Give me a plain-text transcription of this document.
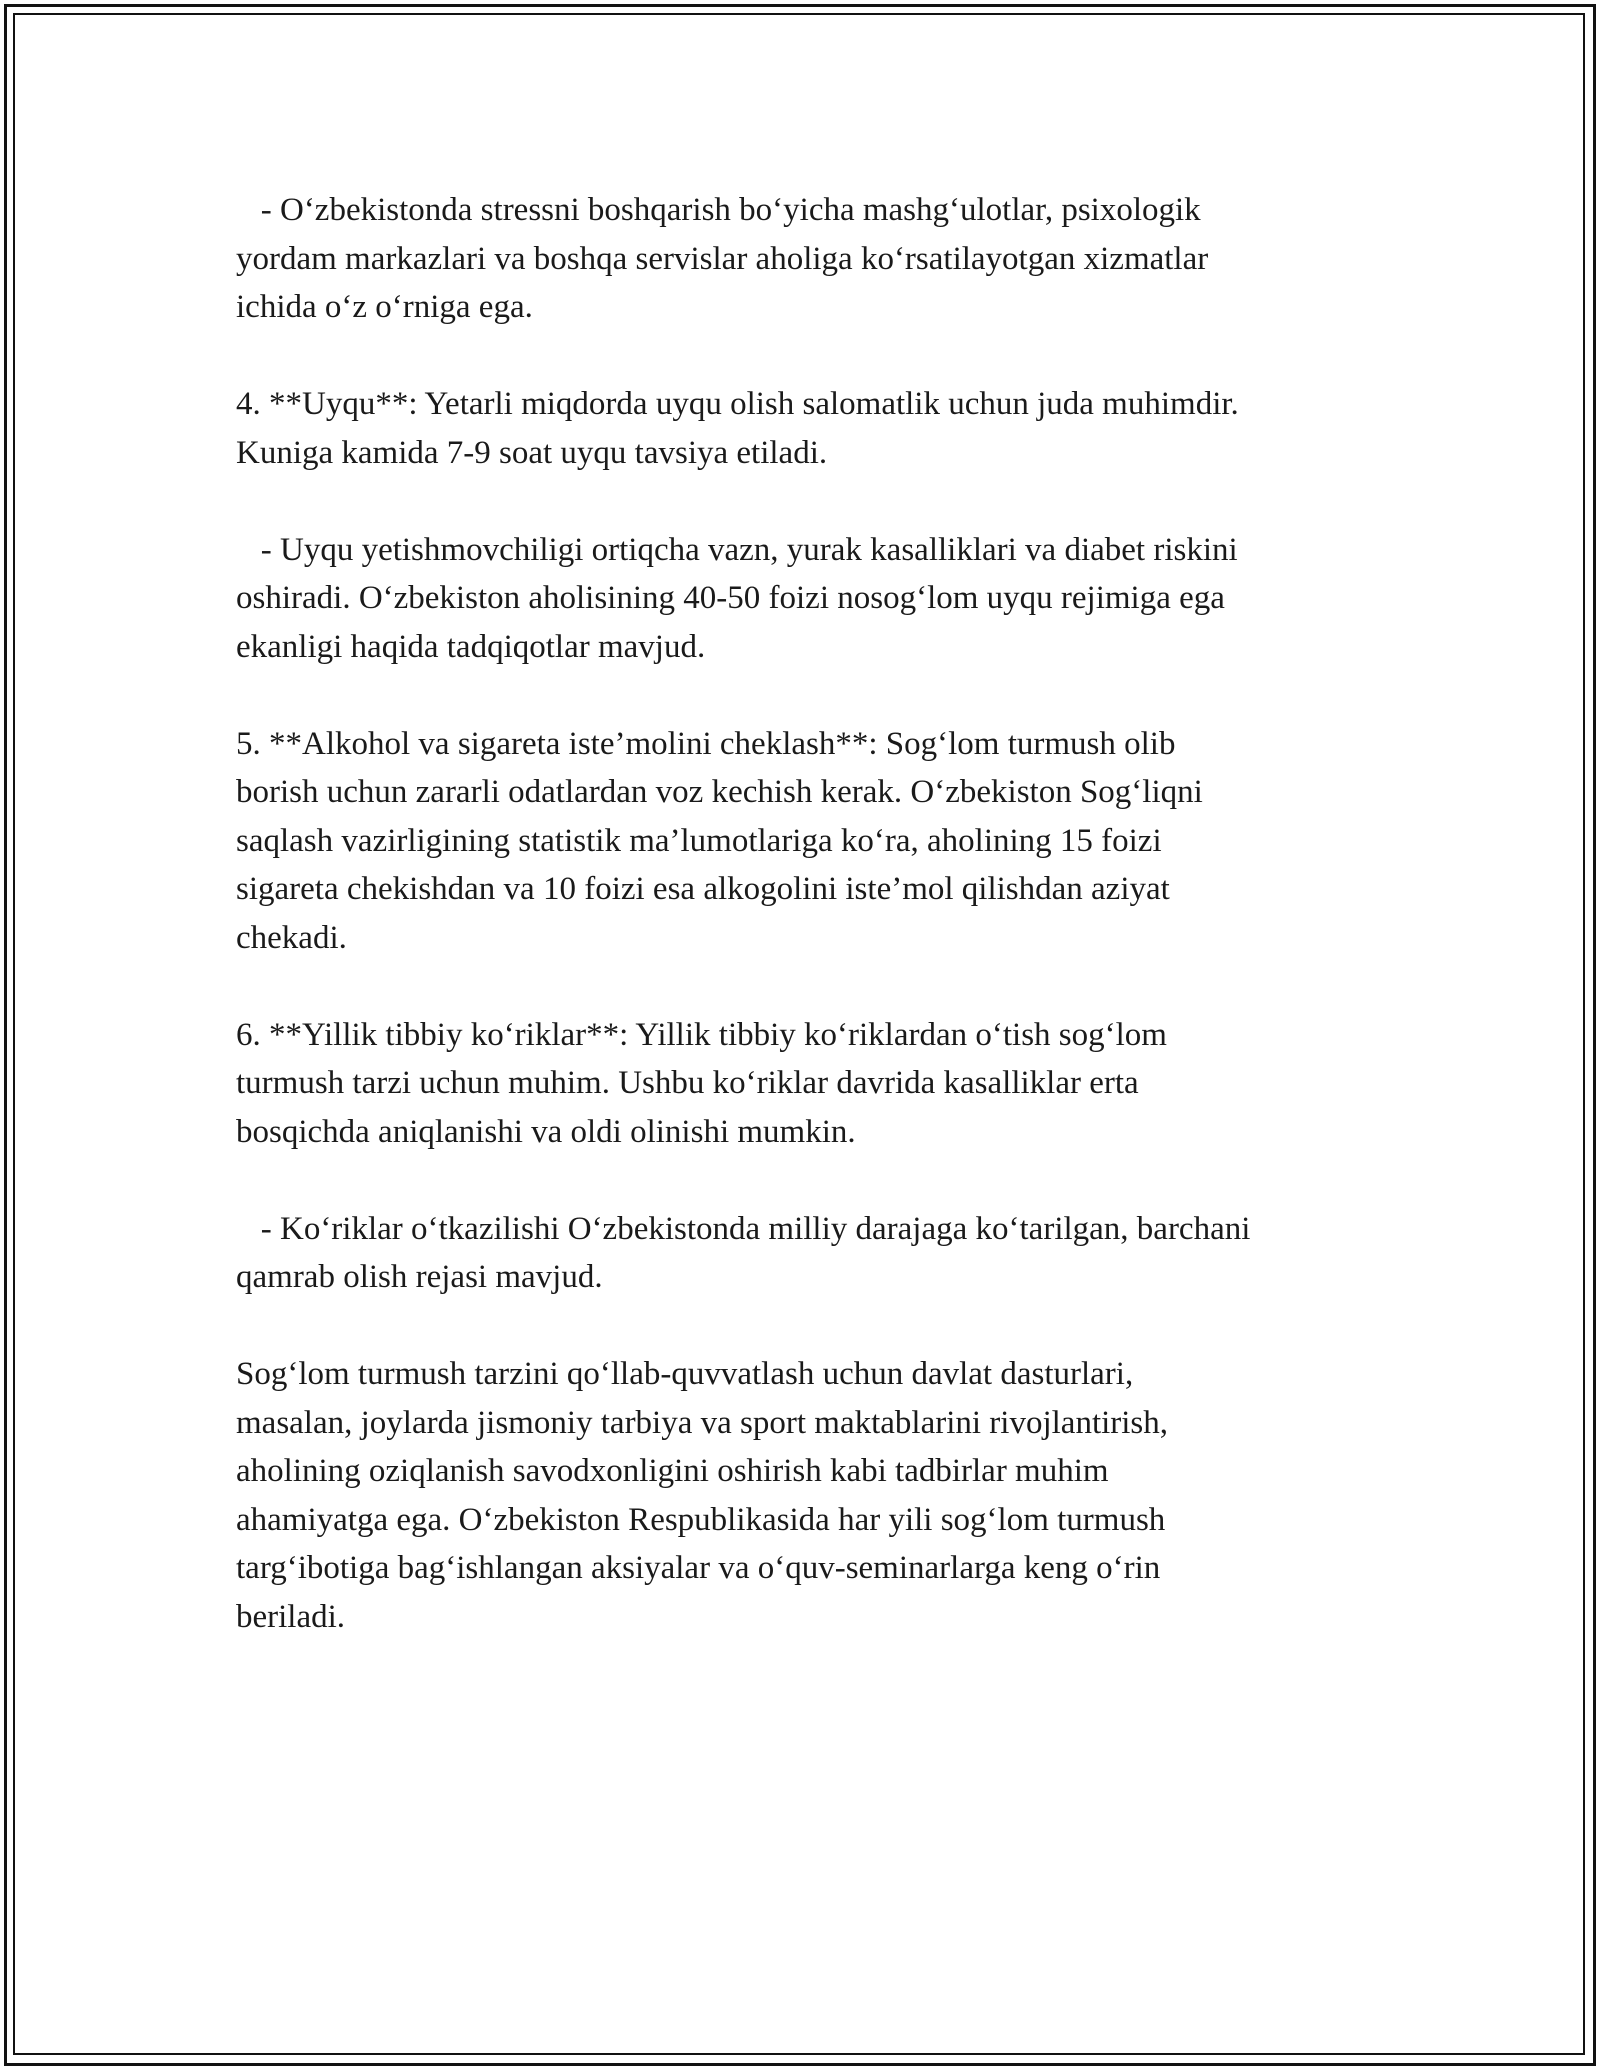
- O‘zbekistonda stressni boshqarish bo‘yicha mashg‘ulotlar, psixologik
yordam markazlari va boshqa servislar aholiga ko‘rsatilayotgan xizmatlar
ichida o‘z o‘rniga ega.

4. **Uyqu**: Yetarli miqdorda uyqu olish salomatlik uchun juda muhimdir.
Kuniga kamida 7-9 soat uyqu tavsiya etiladi.

- Uyqu yetishmovchiligi ortiqcha vazn, yurak kasalliklari va diabet riskini
oshiradi. O‘zbekiston aholisining 40-50 foizi nosog‘lom uyqu rejimiga ega
ekanligi haqida tadqiqotlar mavjud.

5. **Alkohol va sigareta iste’molini cheklash**: Sog‘lom turmush olib
borish uchun zararli odatlardan voz kechish kerak. O‘zbekiston Sog‘liqni
saqlash vazirligining statistik ma’lumotlariga ko‘ra, aholining 15 foizi
sigareta chekishdan va 10 foizi esa alkogolini iste’mol qilishdan aziyat
chekadi.

6. **Yillik tibbiy ko‘riklar**: Yillik tibbiy ko‘riklardan o‘tish sog‘lom
turmush tarzi uchun muhim. Ushbu ko‘riklar davrida kasalliklar erta
bosqichda aniqlanishi va oldi olinishi mumkin.

- Ko‘riklar o‘tkazilishi O‘zbekistonda milliy darajaga ko‘tarilgan, barchani
qamrab olish rejasi mavjud.

Sog‘lom turmush tarzini qo‘llab-quvvatlash uchun davlat dasturlari,
masalan, joylarda jismoniy tarbiya va sport maktablarini rivojlantirish,
aholining oziqlanish savodxonligini oshirish kabi tadbirlar muhim
ahamiyatga ega. O‘zbekiston Respublikasida har yili sog‘lom turmush
targ‘ibotiga bag‘ishlangan aksiyalar va o‘quv-seminarlarga keng o‘rin
beriladi.
